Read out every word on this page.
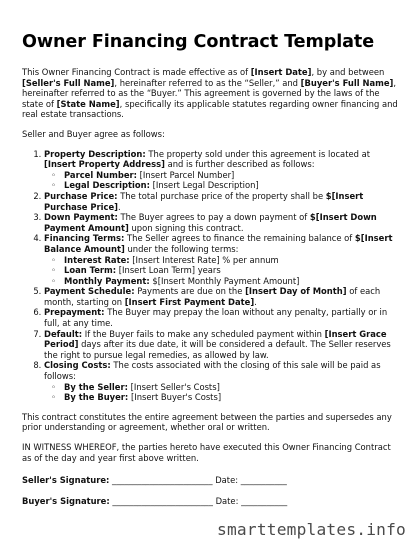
Owner Financing Contract Template

This Owner Financing Contract is made effective as of [Insert Date], by and between [Seller's Full Name], hereinafter referred to as the “Seller,” and [Buyer's Full Name], hereinafter referred to as the “Buyer.” This agreement is governed by the laws of the state of [State Name], specifically its applicable statutes regarding owner financing and real estate transactions.

Seller and Buyer agree as follows:

1. Property Description: The property sold under this agreement is located at [Insert Property Address] and is further described as follows:
◦ Parcel Number: [Insert Parcel Number]
◦ Legal Description: [Insert Legal Description]
2. Purchase Price: The total purchase price of the property shall be $[Insert Purchase Price].
3. Down Payment: The Buyer agrees to pay a down payment of $[Insert Down Payment Amount] upon signing this contract.
4. Financing Terms: The Seller agrees to finance the remaining balance of $[Insert Balance Amount] under the following terms:
◦ Interest Rate: [Insert Interest Rate] % per annum
◦ Loan Term: [Insert Loan Term] years
◦ Monthly Payment: $[Insert Monthly Payment Amount]
5. Payment Schedule: Payments are due on the [Insert Day of Month] of each month, starting on [Insert First Payment Date].
6. Prepayment: The Buyer may prepay the loan without any penalty, partially or in full, at any time.
7. Default: If the Buyer fails to make any scheduled payment within [Insert Grace Period] days after its due date, it will be considered a default. The Seller reserves the right to pursue legal remedies, as allowed by law.
8. Closing Costs: The costs associated with the closing of this sale will be paid as follows:
◦ By the Seller: [Insert Seller's Costs]
◦ By the Buyer: [Insert Buyer's Costs]

This contract constitutes the entire agreement between the parties and supersedes any prior understanding or agreement, whether oral or written.

IN WITNESS WHEREOF, the parties hereto have executed this Owner Financing Contract as of the day and year first above written.

Seller's Signature: ________________________ Date: ___________
Buyer's Signature: ________________________ Date: ___________
smarttemplates.info
